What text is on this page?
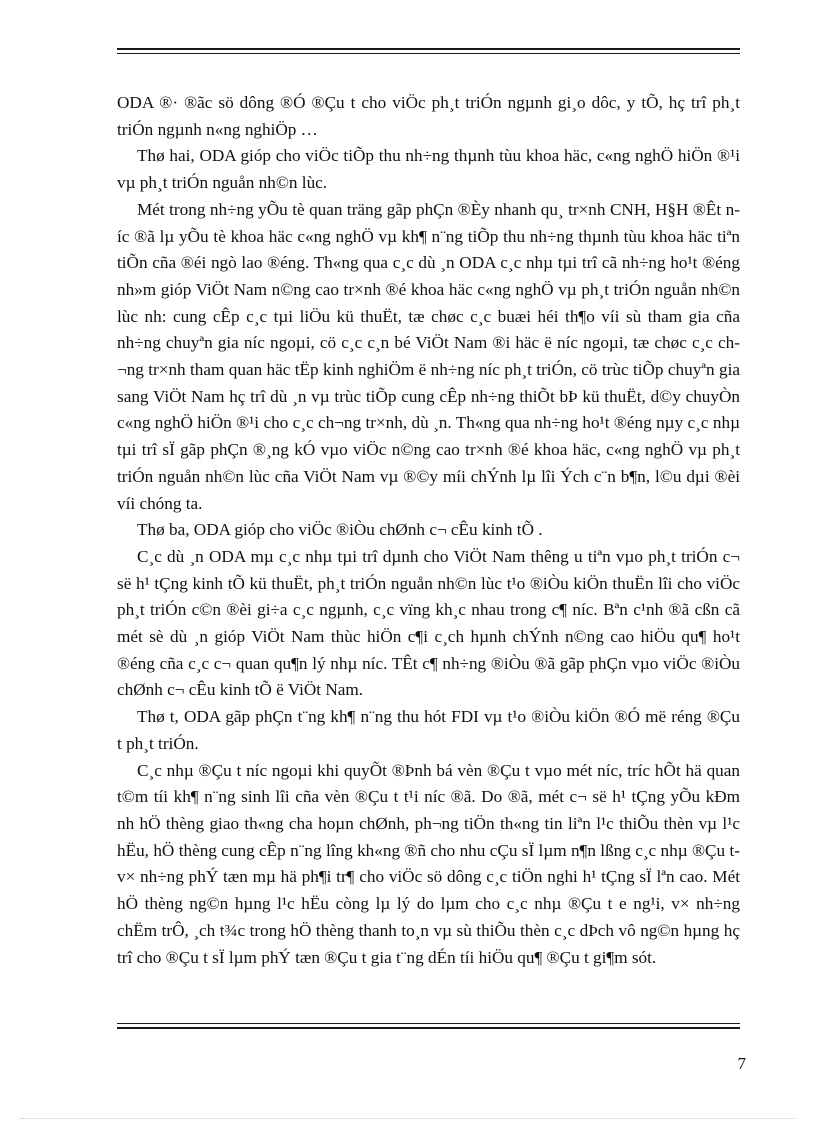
ODA ®· ®ãc sö dông ®Ó ®Çu t cho viÖc ph¸t triÓn ngµnh gi¸o dôc, y tÕ, hç trî ph¸t triÓn ngµnh n«ng nghiÖp …

Thø hai, ODA gióp cho viÖc tiÕp thu nh÷ng thµnh tùu khoa häc, c«ng nghÖ hiÖn ®¹i vµ ph¸t triÓn nguån nh©n lùc.

Mét trong nh÷ng yÕu tè quan träng gãp phÇn ®Èy nhanh qu¸ tr×nh CNH, H§H ®Êt níc ®ã lµ yÕu tè khoa häc c«ng nghÖ vµ kh¶ n¨ng tiÕp thu nh÷ng thµnh tùu khoa häc tiªn tiÕn cña ®éi ngò lao ®éng. Th«ng qua c¸c dù ¸n ODA c¸c nhµ tµi trî cã nh÷ng ho¹t ®éng nh»m gióp ViÖt Nam n©ng cao tr×nh ®é khoa häc c«ng nghÖ vµ ph¸t triÓn nguån nh©n lùc nh: cung cÊp c¸c tµi liÖu kü thuËt, tæ chøc c¸c buæi héi th¶o víi sù tham gia cña nh÷ng chuyªn gia níc ngoµi, cö c¸c c¸n bé ViÖt Nam ®i häc ë níc ngoµi, tæ chøc c¸c ch¬ng tr×nh tham quan häc tËp kinh nghiÖm ë nh÷ng níc ph¸t triÓn, cö trùc tiÕp chuyªn gia sang ViÖt Nam hç trî dù ¸n vµ trùc tiÕp cung cÊp nh÷ng thiÕt bÞ kü thuËt, d©y chuyÒn c«ng nghÖ hiÖn ®¹i cho c¸c ch¬ng tr×nh, dù ¸n. Th«ng qua nh÷ng ho¹t ®éng nµy c¸c nhµ tµi trî sÏ gãp phÇn ®¸ng kÓ vµo viÖc n©ng cao tr×nh ®é khoa häc, c«ng nghÖ vµ ph¸t triÓn nguån nh©n lùc cña ViÖt Nam vµ ®©y míi chÝnh lµ lîi Ých c¨n b¶n, l©u dµi ®èi víi chóng ta.

Thø ba, ODA gióp cho viÖc ®iÒu chØnh c¬ cÊu kinh tÕ .

C¸c dù ¸n ODA mµ c¸c nhµ tµi trî dµnh cho ViÖt Nam thêng u tiªn vµo ph¸t triÓn c¬ së h¹ tÇng kinh tÕ kü thuËt, ph¸t triÓn nguån nh©n lùc t¹o ®iÒu kiÖn thuËn lîi cho viÖc ph¸t triÓn c©n ®èi gi÷a c¸c ngµnh, c¸c vïng kh¸c nhau trong c¶ níc. Bªn c¹nh ®ã cßn cã mét sè dù ¸n gióp ViÖt Nam thùc hiÖn c¶i c¸ch hµnh chÝnh n©ng cao hiÖu qu¶ ho¹t ®éng cña c¸c c¬ quan qu¶n lý nhµ níc. TÊt c¶ nh÷ng ®iÒu ®ã gãp phÇn vµo viÖc ®iÒu chØnh c¬ cÊu kinh tÕ ë ViÖt Nam.

Thø t, ODA gãp phÇn t¨ng kh¶ n¨ng thu hót FDI vµ t¹o ®iÒu kiÖn ®Ó më réng ®Çu t ph¸t triÓn.

C¸c nhµ ®Çu t níc ngoµi khi quyÕt ®Þnh bá vèn ®Çu t vµo mét níc, tríc hÕt hä quan t©m tíi kh¶ n¨ng sinh lîi cña vèn ®Çu t t¹i níc ®ã. Do ®ã, mét c¬ së h¹ tÇng yÕu kÐm nh hÖ thèng giao th«ng cha hoµn chØnh, ph¬ng tiÖn th«ng tin liªn l¹c thiÕu thèn vµ l¹c hËu, hÖ thèng cung cÊp n¨ng lîng kh«ng ®ñ cho nhu cÇu sÏ lµm n¶n lßng c¸c nhµ ®Çu t v× nh÷ng phÝ tæn mµ hä ph¶i tr¶ cho viÖc sö dông c¸c tiÖn nghi h¹ tÇng sÏ lªn cao. Mét hÖ thèng ng©n hµng l¹c hËu còng lµ lý do lµm cho c¸c nhµ ®Çu t e ng¹i, v× nh÷ng chËm trÔ, ¸ch t¾c trong hÖ thèng thanh to¸n vµ sù thiÕu thèn c¸c dÞch vô ng©n hµng hç trî cho ®Çu t sÏ lµm phÝ tæn ®Çu t gia t¨ng dÉn tíi hiÖu qu¶ ®Çu t gi¶m sót.

7
